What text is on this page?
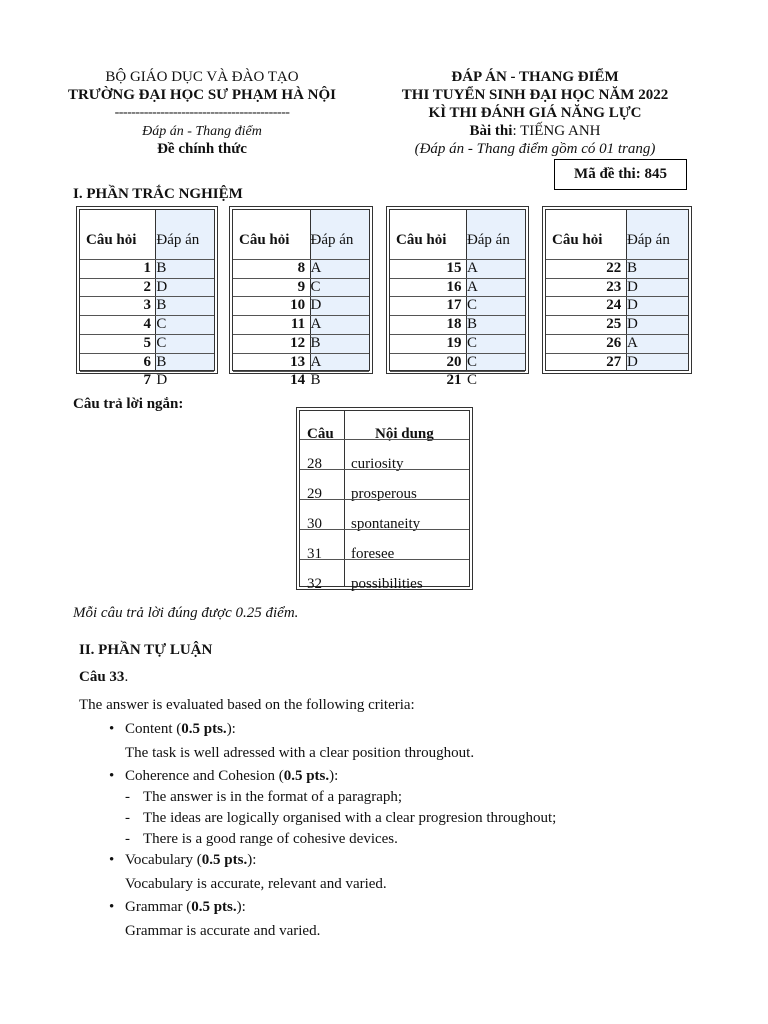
BỘ GIÁO DỤC VÀ ĐÀO TẠO
TRƯỜNG ĐẠI HỌC SƯ PHẠM HÀ NỘI
------------------------------------------
Đáp án - Thang điểm
Đề chính thức
ĐÁP ÁN - THANG ĐIỂM
THI TUYỂN SINH ĐẠI HỌC NĂM 2022
KÌ THI ĐÁNH GIÁ NĂNG LỰC
Bài thi: TIẾNG ANH
(Đáp án - Thang điểm gồm có 01 trang)
Mã đề thi: 845
I. PHẦN TRẮC NGHIỆM
Câu hỏi Đáp án
1 B
2 D
3 B
4 C
5 C
6 B
7 D
Câu hỏi Đáp án
8 A
9 C
10 D
11 A
12 B
13 A
14 B
Câu hỏi Đáp án
15 A
16 A
17 C
18 B
19 C
20 C
21 C
Câu hỏi Đáp án
22 B
23 D
24 D
25 D
26 A
27 D
Câu trả lời ngắn:
Câu	Nội dung
28 curiosity
29 prosperous
30 spontaneity
31 foresee
32 possibilities
Mỗi câu trả lời đúng được 0.25 điểm.
II. PHẦN TỰ LUẬN
Câu 33.
The answer is evaluated based on the following criteria:
• Content (0.5 pts.):
The task is well adressed with a clear position throughout.
• Coherence and Cohesion (0.5 pts.):
- The answer is in the format of a paragraph;
- The ideas are logically organised with a clear progresion throughout;
- There is a good range of cohesive devices.
• Vocabulary (0.5 pts.):
Vocabulary is accurate, relevant and varied.
• Grammar (0.5 pts.):
Grammar is accurate and varied.
